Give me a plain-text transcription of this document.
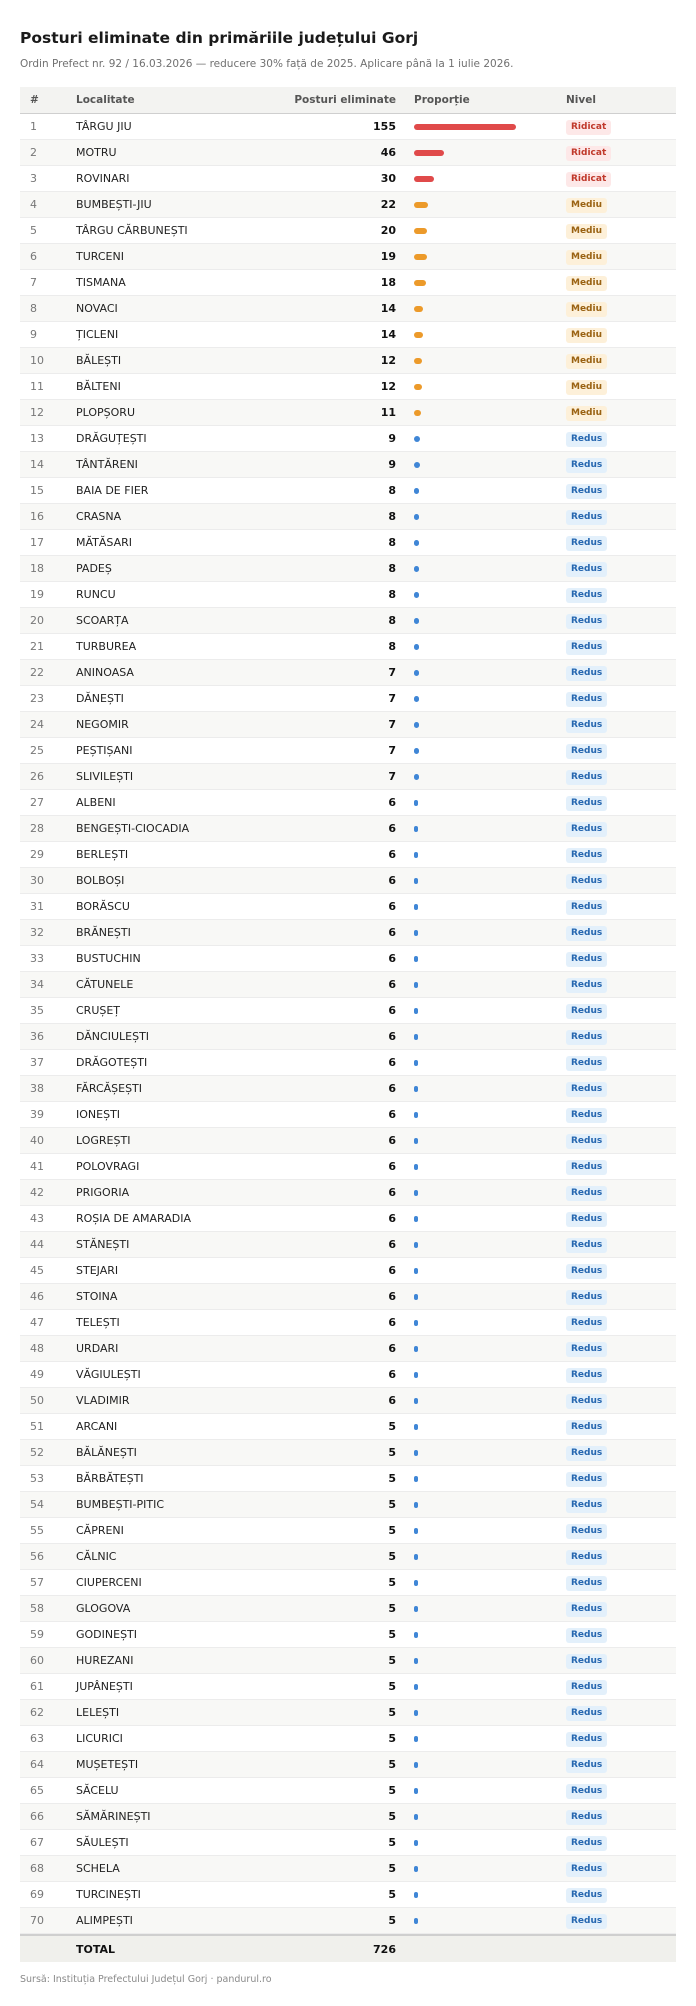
Posturi eliminate din primăriile județului Gorj
Ordin Prefect nr. 92 / 16.03.2026 — reducere 30% față de 2025. Aplicare până la 1 iulie 2026.
#	Localitate	Posturi eliminate	Proporție	Nivel
1	TÂRGU JIU	155	Ridicat
2	MOTRU	46	Ridicat
3	ROVINARI	30	Ridicat
4	BUMBEȘTI-JIU	22	Mediu
5	TÂRGU CĂRBUNEȘTI	20	Mediu
6	TURCENI	19	Mediu
7	TISMANA	18	Mediu
8	NOVACI	14	Mediu
9	ȚICLENI	14	Mediu
10	BĂLEȘTI	12	Mediu
11	BĂLTENI	12	Mediu
12	PLOPȘORU	11	Mediu
13	DRĂGUȚEȘTI	9	Redus
14	TÂNTĂRENI	9	Redus
15	BAIA DE FIER	8	Redus
16	CRASNA	8	Redus
17	MĂTĂSARI	8	Redus
18	PADEȘ	8	Redus
19	RUNCU	8	Redus
20	SCOARȚA	8	Redus
21	TURBUREA	8	Redus
22	ANINOASA	7	Redus
23	DĂNEȘTI	7	Redus
24	NEGOMIR	7	Redus
25	PEȘTIȘANI	7	Redus
26	SLIVILEȘTI	7	Redus
27	ALBENI	6	Redus
28	BENGEȘTI-CIOCADIA	6	Redus
29	BERLEȘTI	6	Redus
30	BOLBOȘI	6	Redus
31	BORĂSCU	6	Redus
32	BRĂNEȘTI	6	Redus
33	BUSTUCHIN	6	Redus
34	CĂTUNELE	6	Redus
35	CRUȘEȚ	6	Redus
36	DĂNCIULEȘTI	6	Redus
37	DRĂGOTEȘTI	6	Redus
38	FĂRCĂȘEȘTI	6	Redus
39	IONEȘTI	6	Redus
40	LOGREȘTI	6	Redus
41	POLOVRAGI	6	Redus
42	PRIGORIA	6	Redus
43	ROȘIA DE AMARADIA	6	Redus
44	STĂNEȘTI	6	Redus
45	STEJARI	6	Redus
46	STOINA	6	Redus
47	TELEȘTI	6	Redus
48	URDARI	6	Redus
49	VĂGIULEȘTI	6	Redus
50	VLADIMIR	6	Redus
51	ARCANI	5	Redus
52	BĂLĂNEȘTI	5	Redus
53	BĂRBĂTEȘTI	5	Redus
54	BUMBEȘTI-PITIC	5	Redus
55	CĂPRENI	5	Redus
56	CĂLNIC	5	Redus
57	CIUPERCENI	5	Redus
58	GLOGOVA	5	Redus
59	GODINEȘTI	5	Redus
60	HUREZANI	5	Redus
61	JUPÂNEȘTI	5	Redus
62	LELEȘTI	5	Redus
63	LICURICI	5	Redus
64	MUȘETEȘTI	5	Redus
65	SĂCELU	5	Redus
66	SĂMĂRINEȘTI	5	Redus
67	SĂULEȘTI	5	Redus
68	SCHELA	5	Redus
69	TURCINEȘTI	5	Redus
70	ALIMPEȘTI	5	Redus
TOTAL	726
Sursă: Instituția Prefectului Județul Gorj · pandurul.ro
